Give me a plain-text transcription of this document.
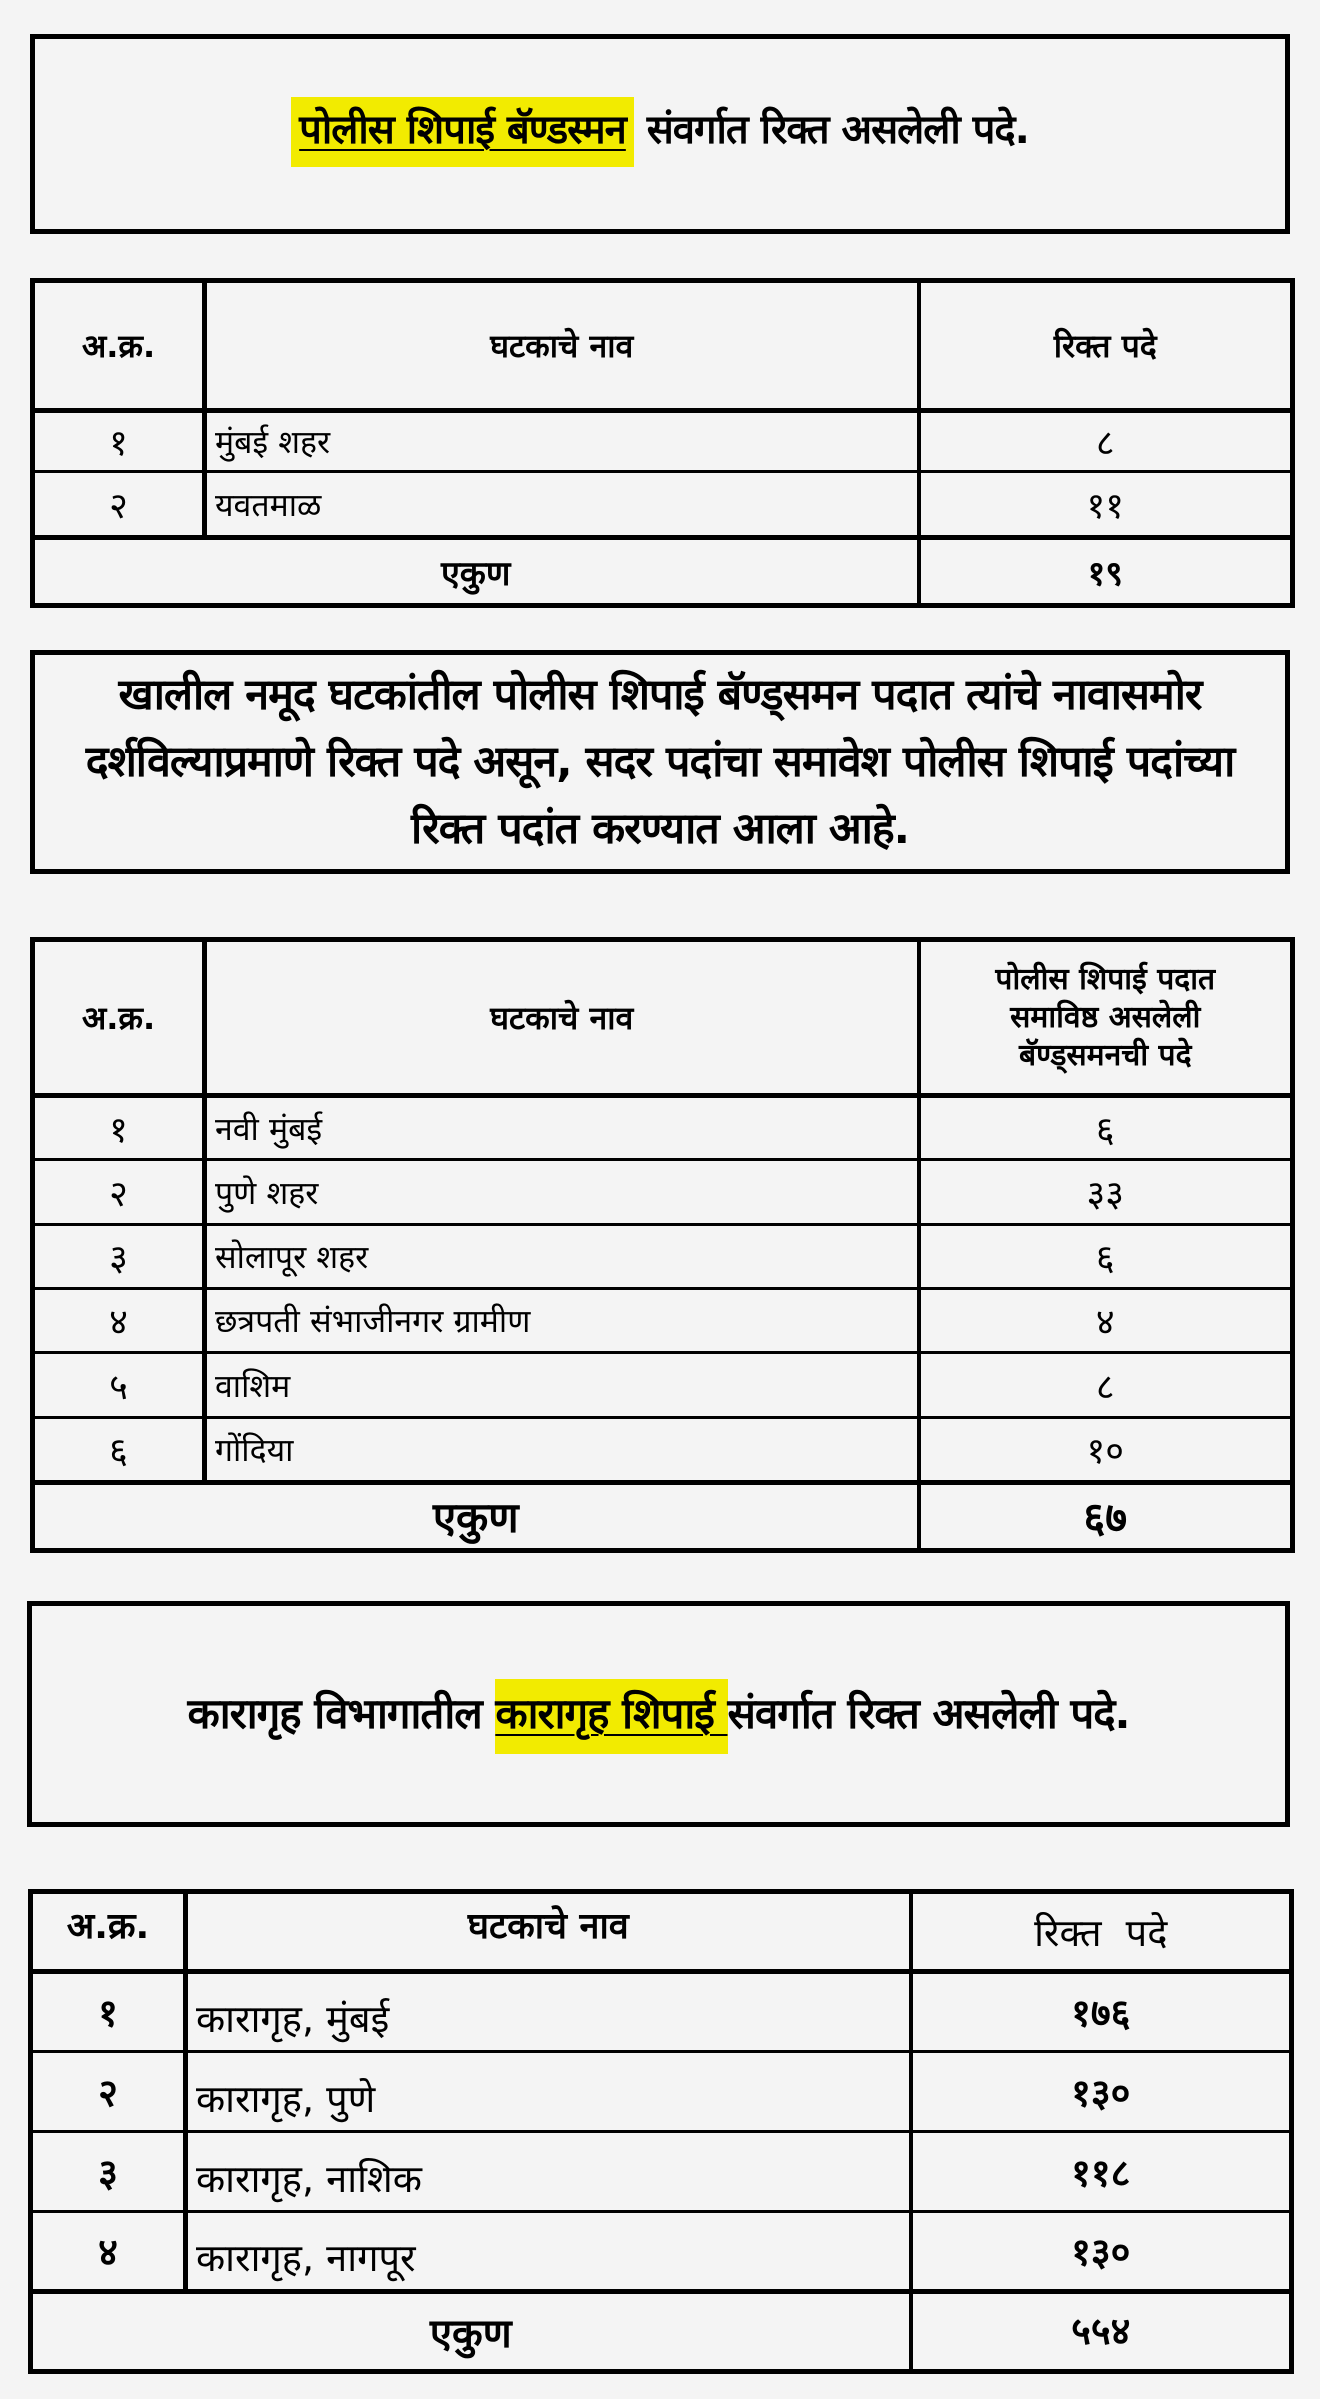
पोलीस शिपाई बॅण्डस्मन संवर्गात रिक्त असलेली पदे.
अ.क्र.	घटकाचे नाव	रिक्त पदे
१	मुंबई शहर	८
२	यवतमाळ	११
एकुण		१९
खालील नमूद घटकांतील पोलीस शिपाई बॅण्ड्समन पदात त्यांचे नावासमोर दर्शविल्याप्रमाणे रिक्त पदे असून, सदर पदांचा समावेश पोलीस शिपाई पदांच्या रिक्त पदांत करण्यात आला आहे.
अ.क्र.	घटकाचे नाव	पोलीस शिपाई पदात समाविष्ठ असलेली बॅण्ड्समनची पदे
१	नवी मुंबई	६
२	पुणे शहर	३३
३	सोलापूर शहर	६
४	छत्रपती संभाजीनगर ग्रामीण	४
५	वाशिम	८
६	गोंदिया	१०
एकुण		६७
कारागृह विभागातील कारागृह शिपाई संवर्गात रिक्त असलेली पदे.
अ.क्र.	घटकाचे नाव	रिक्त  पदे
१	कारागृह, मुंबई	१७६
२	कारागृह, पुणे	१३०
३	कारागृह, नाशिक	११८
४	कारागृह, नागपूर	१३०
एकुण		५५४
